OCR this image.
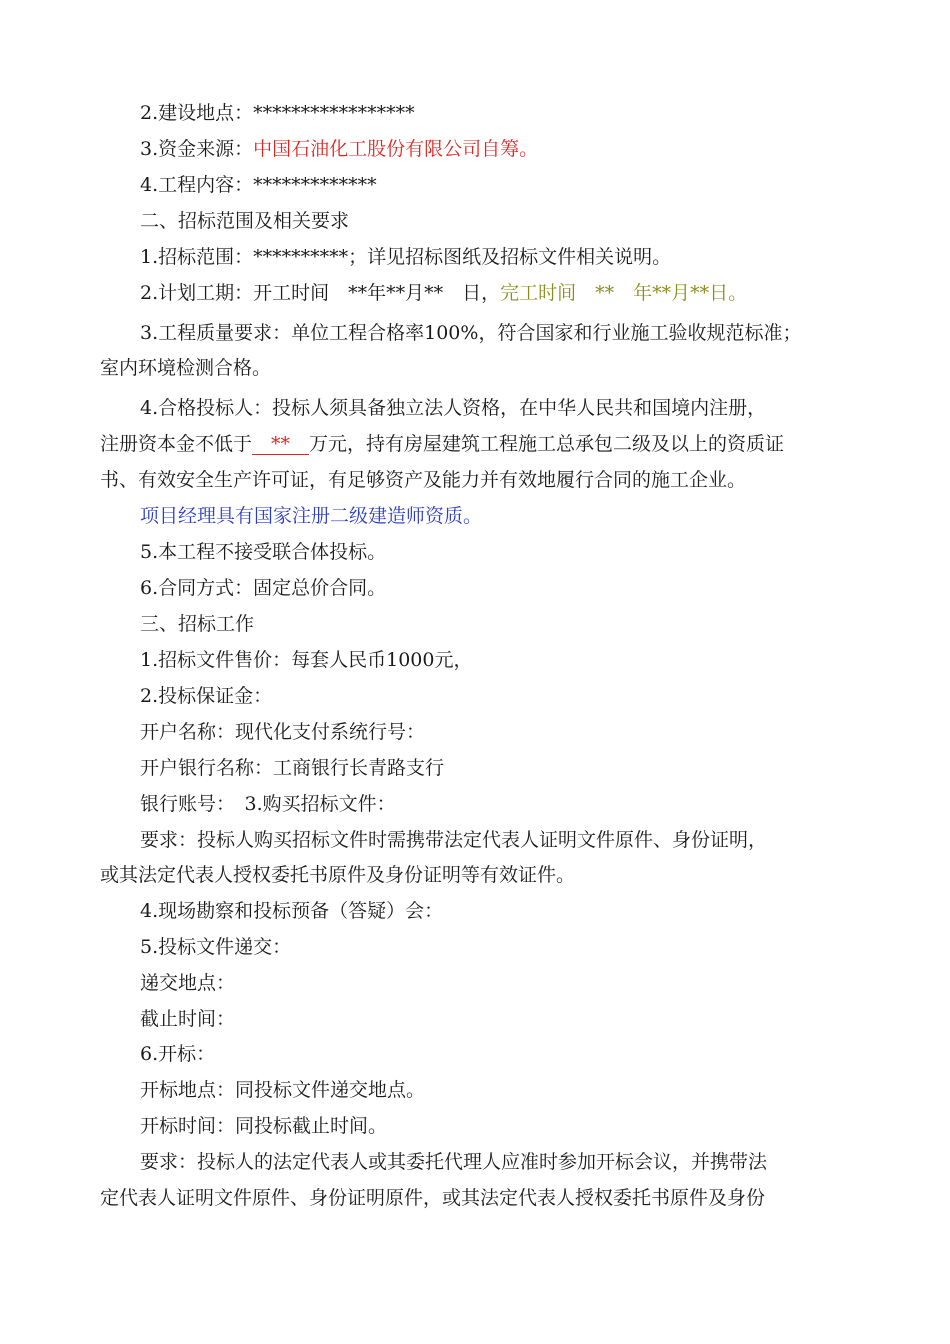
2.建设地点：*****************
3.资金来源：中国石油化工股份有限公司自筹。
4.工程内容：*************
二、招标范围及相关要求
1.招标范围：**********；详见招标图纸及招标文件相关说明。
2.计划工期：开工时间　**年**月**　日，完工时间　**　年**月**日。
3.工程质量要求：单位工程合格率100%，符合国家和行业施工验收规范标准；
室内环境检测合格。
4.合格投标人：投标人须具备独立法人资格，在中华人民共和国境内注册，
注册资本金不低于　**　万元，持有房屋建筑工程施工总承包二级及以上的资质证
书、有效安全生产许可证，有足够资产及能力并有效地履行合同的施工企业。
项目经理具有国家注册二级建造师资质。
5.本工程不接受联合体投标。
6.合同方式：固定总价合同。
三、招标工作
1.招标文件售价：每套人民币1000元，
2.投标保证金：
开户名称：现代化支付系统行号：
开户银行名称：工商银行长青路支行
银行账号：　3.购买招标文件：
要求：投标人购买招标文件时需携带法定代表人证明文件原件、身份证明，
或其法定代表人授权委托书原件及身份证明等有效证件。
4.现场勘察和投标预备（答疑）会：
5.投标文件递交：
递交地点：
截止时间：
6.开标：
开标地点：同投标文件递交地点。
开标时间：同投标截止时间。
要求：投标人的法定代表人或其委托代理人应准时参加开标会议，并携带法
定代表人证明文件原件、身份证明原件，或其法定代表人授权委托书原件及身份
